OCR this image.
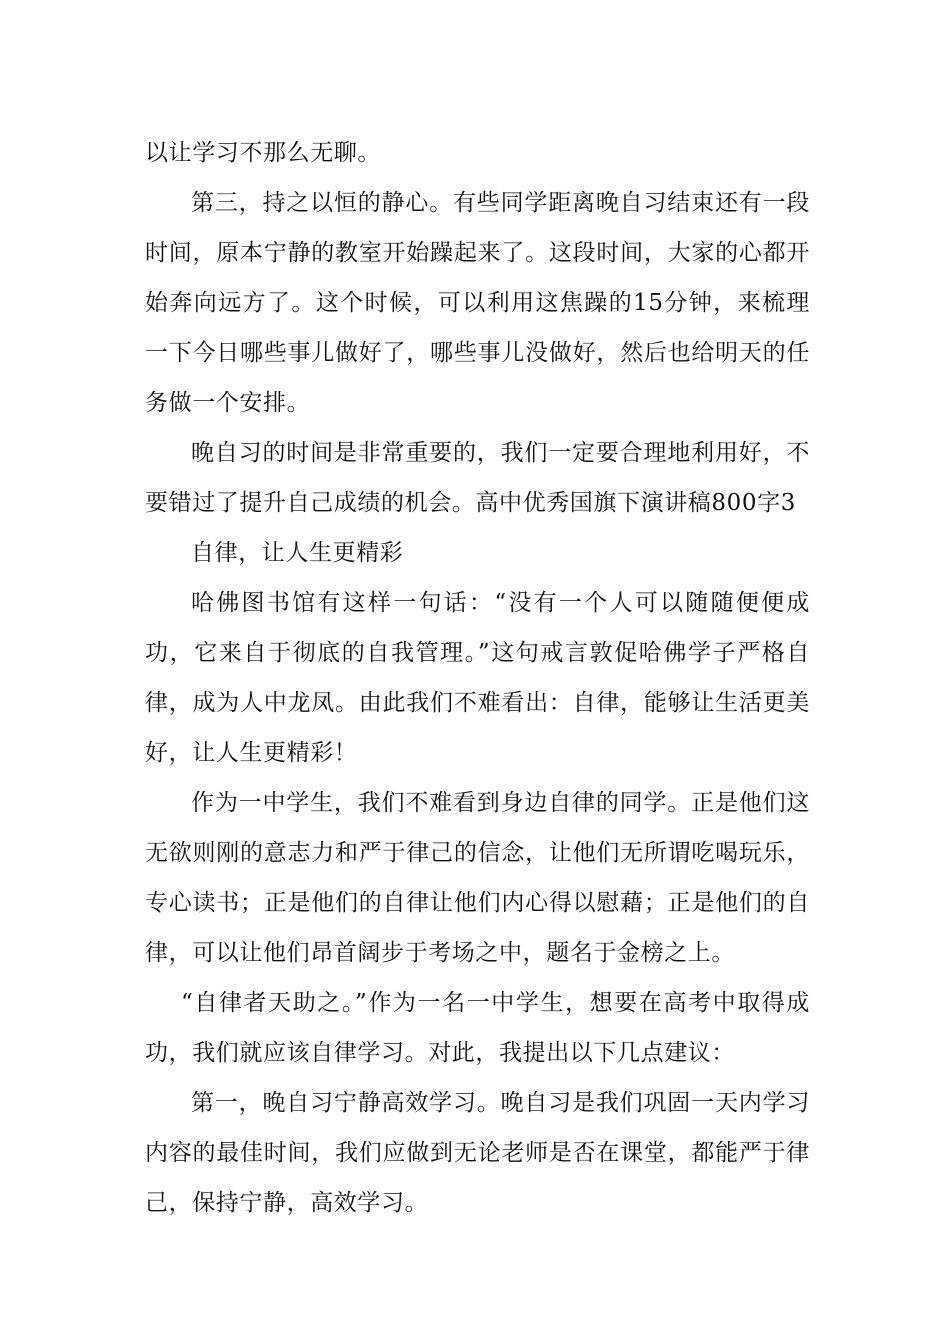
以让学习不那么无聊。

第三，持之以恒的静心。有些同学距离晚自习结束还有一段时间，原本宁静的教室开始躁起来了。这段时间，大家的心都开始奔向远方了。这个时候，可以利用这焦躁的15分钟，来梳理一下今日哪些事儿做好了，哪些事儿没做好，然后也给明天的任务做一个安排。

晚自习的时间是非常重要的，我们一定要合理地利用好，不要错过了提升自己成绩的机会。高中优秀国旗下演讲稿800字3

自律，让人生更精彩

哈佛图书馆有这样一句话：“没有一个人可以随随便便成功，它来自于彻底的自我管理。”这句戒言敦促哈佛学子严格自律，成为人中龙凤。由此我们不难看出：自律，能够让生活更美好，让人生更精彩！

作为一中学生，我们不难看到身边自律的同学。正是他们这无欲则刚的意志力和严于律己的信念，让他们无所谓吃喝玩乐，专心读书；正是他们的自律让他们内心得以慰藉；正是他们的自律，可以让他们昂首阔步于考场之中，题名于金榜之上。

“自律者天助之。”作为一名一中学生，想要在高考中取得成功，我们就应该自律学习。对此，我提出以下几点建议：

第一，晚自习宁静高效学习。晚自习是我们巩固一天内学习内容的最佳时间，我们应做到无论老师是否在课堂，都能严于律己，保持宁静，高效学习。
